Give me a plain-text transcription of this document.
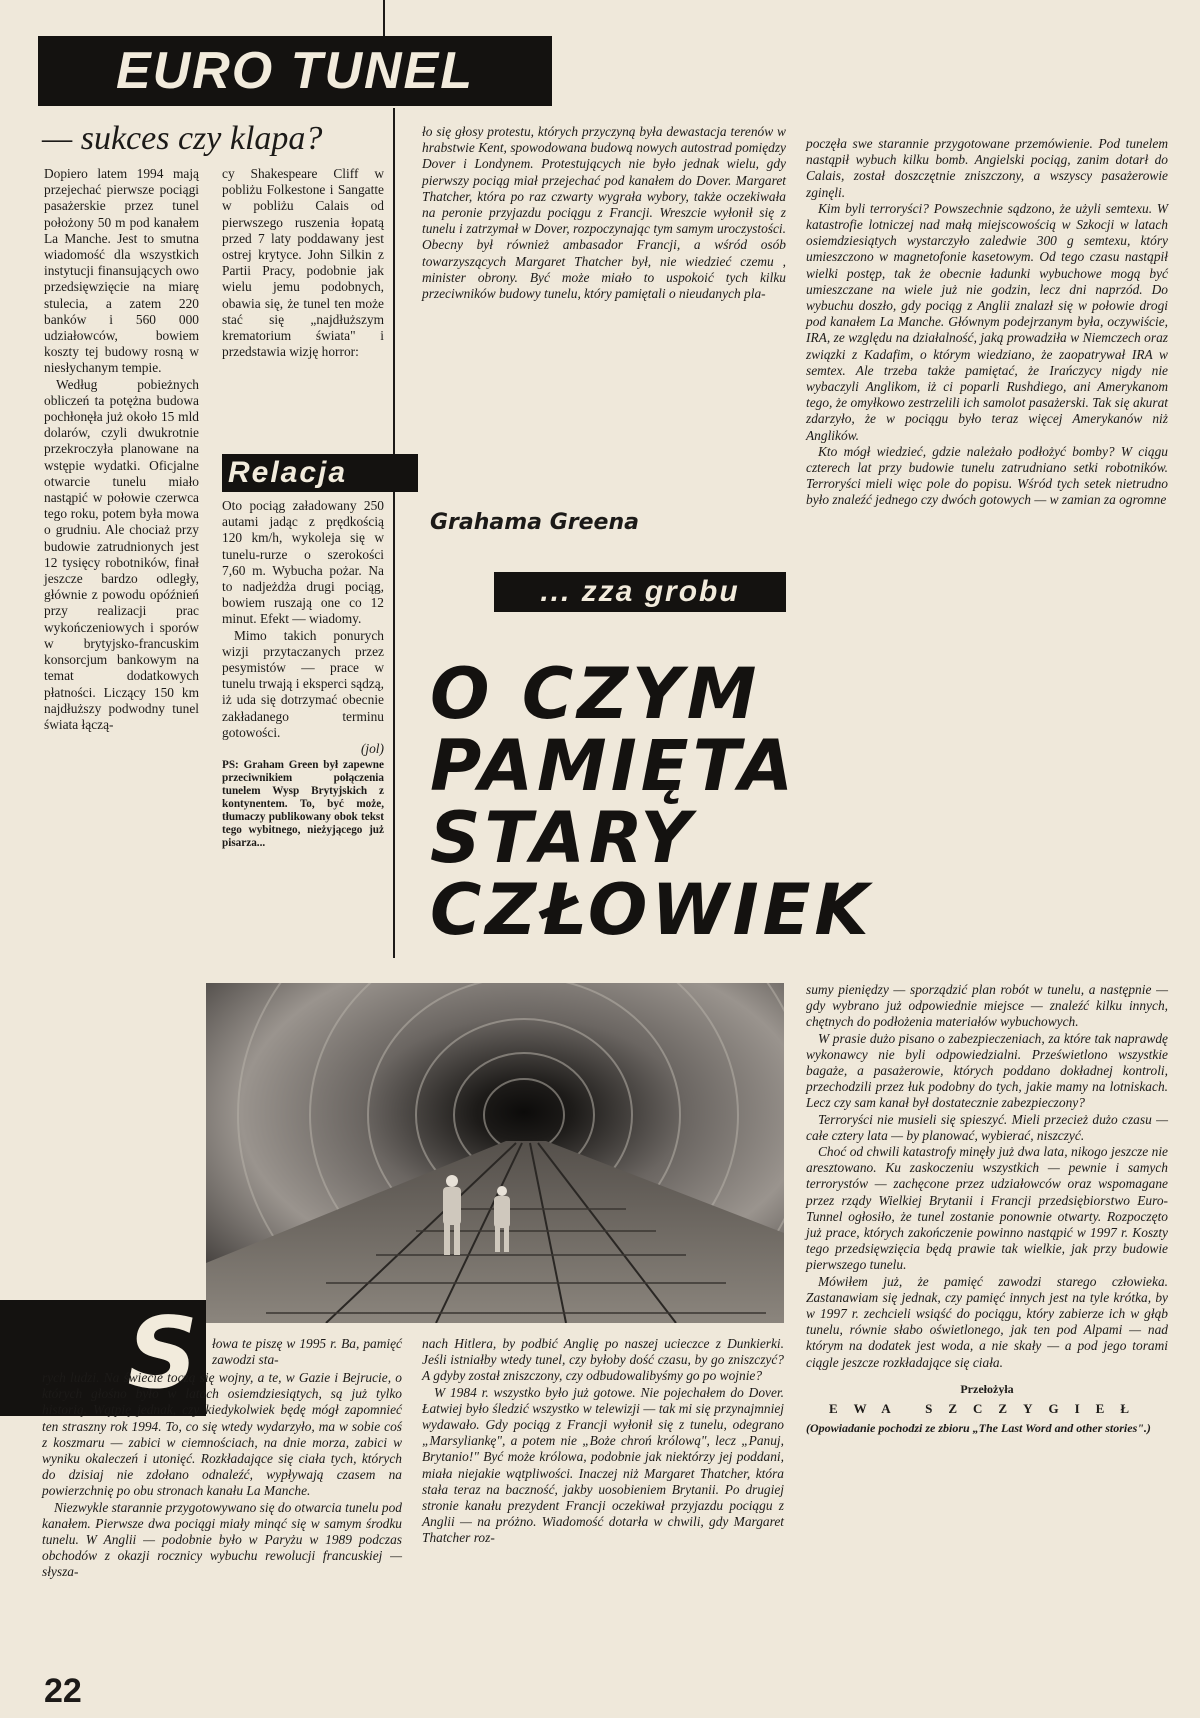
EURO TUNEL
— sukces czy klapa?

Dopiero latem 1994 mają przejechać pierwsze pociągi pasażerskie przez tunel położony 50 m pod kanałem La Manche. Jest to smutna wiadomość dla wszystkich instytucji finansujących owo przedsięwzięcie na miarę stulecia, a zatem 220 banków i 560 000 udziałowców, bowiem koszty tej budowy rosną w niesłychanym tempie.

Według pobieżnych obliczeń ta potężna budowa pochłonęła już około 15 mld dolarów, czyli dwukrotnie przekroczyła planowane na wstępie wydatki. Oficjalne otwarcie tunelu miało nastąpić w połowie czerwca tego roku, potem była mowa o grudniu. Ale chociaż przy budowie zatrudnionych jest 12 tysięcy robotników, finał jeszcze bardzo odległy, głównie z powodu opóźnień przy realizacji prac wykończeniowych i sporów w brytyjsko-francuskim konsorcjum bankowym na temat dodatkowych płatności. Liczący 150 km najdłuższy podwodny tunel świata łączą-

cy Shakespeare Cliff w pobliżu Folkestone i Sangatte w pobliżu Calais od pierwszego ruszenia łopatą przed 7 laty poddawany jest ostrej krytyce. John Silkin z Partii Pracy, podobnie jak wielu jemu podobnych, obawia się, że tunel ten może stać się „najdłuższym krematorium świata" i przedstawia wizję horror:

Relacja

Oto pociąg załadowany 250 autami jadąc z prędkością 120 km/h, wykoleja się w tunelu-rurze o szerokości 7,60 m. Wybucha pożar. Na to nadjeżdża drugi pociąg, bowiem ruszają one co 12 minut. Efekt — wiadomy.

Mimo takich ponurych wizji przytaczanych przez pesymistów — prace w tunelu trwają i eksperci sądzą, iż uda się dotrzymać obecnie zakładanego terminu gotowości.

(jol)
PS: Graham Green był zapewne przeciwnikiem połączenia tunelem Wysp Brytyjskich z kontynentem. To, być może, tłumaczy publikowany obok tekst tego wybitnego, nieżyjącego już pisarza...

ło się głosy protestu, których przyczyną była dewastacja terenów w hrabstwie Kent, spowodowana budową nowych autostrad pomiędzy Dover i Londynem. Protestujących nie było jednak wielu, gdy pierwszy pociąg miał przejechać pod kanałem do Dover. Margaret Thatcher, która po raz czwarty wygrała wybory, także oczekiwała na peronie przyjazdu pociągu z Francji. Wreszcie wyłonił się z tunelu i zatrzymał w Dover, rozpoczynając tym samym uroczystości. Obecny był również ambasador Francji, a wśród osób towarzyszących Margaret Thatcher był, nie wiedzieć czemu , minister obrony. Być może miało to uspokoić tych kilku przeciwników budowy tunelu, który pamiętali o nieudanych pla-

poczęła swe starannie przygotowane przemówienie. Pod tunelem nastąpił wybuch kilku bomb. Angielski pociąg, zanim dotarł do Calais, został doszczętnie zniszczony, a wszyscy pasażerowie zginęli.

Kim byli terroryści? Powszechnie sądzono, że użyli semtexu. W katastrofie lotniczej nad małą miejscowością w Szkocji w latach osiemdziesiątych wystarczyło zaledwie 300 g semtexu, który umieszczono w magnetofonie kasetowym. Od tego czasu nastąpił wielki postęp, tak że obecnie ładunki wybuchowe mogą być umieszczane na wiele już nie godzin, lecz dni naprzód. Do wybuchu doszło, gdy pociąg z Anglii znalazł się w połowie drogi pod kanałem La Manche. Głównym podejrzanym była, oczywiście, IRA, ze względu na działalność, jaką prowadziła w Niemczech oraz związki z Kadafim, o którym wiedziano, że zaopatrywał IRA w semtex. Ale trzeba także pamiętać, że Irańczycy nigdy nie wybaczyli Anglikom, iż ci poparli Rushdiego, ani Amerykanom tego, że omyłkowo zestrzelili ich samolot pasażerski. Tak się akurat zdarzyło, że w pociągu było teraz więcej Amerykanów niż Anglików.

Kto mógł wiedzieć, gdzie należało podłożyć bomby? W ciągu czterech lat przy budowie tunelu zatrudniano setki robotników. Terroryści mieli więc pole do popisu. Wśród tych setek nietrudno było znaleźć jednego czy dwóch gotowych — w zamian za ogromne

Grahama Greena
... zza grobu
O CZYM
PAMIĘTA
STARY
CZŁOWIEK

sumy pieniędzy — sporządzić plan robót w tunelu, a następnie — gdy wybrano już odpowiednie miejsce — znaleźć kilku innych, chętnych do podłożenia materiałów wybuchowych.

W prasie dużo pisano o zabezpieczeniach, za które tak naprawdę wykonawcy nie byli odpowiedzialni. Prześwietlono wszystkie bagaże, a pasażerowie, których poddano dokładnej kontroli, przechodzili przez łuk podobny do tych, jakie mamy na lotniskach. Lecz czy sam kanał był dostatecznie zabezpieczony?

Terroryści nie musieli się spieszyć. Mieli przecież dużo czasu — całe cztery lata — by planować, wybierać, niszczyć.

Choć od chwili katastrofy minęły już dwa lata, nikogo jeszcze nie aresztowano. Ku zaskoczeniu wszystkich — pewnie i samych terrorystów — zachęcone przez udziałowców oraz wspomagane przez rządy Wielkiej Brytanii i Francji przedsiębiorstwo Euro-Tunnel ogłosiło, że tunel zostanie ponownie otwarty. Rozpoczęto już prace, których zakończenie powinno nastąpić w 1997 r. Koszty tego przedsięwzięcia będą prawie tak wielkie, jak przy budowie pierwszego tunelu.

Mówiłem już, że pamięć zawodzi starego człowieka. Zastanawiam się jednak, czy pamięć innych jest na tyle krótka, by w 1997 r. zechcieli wsiąść do pociągu, który zabierze ich w głąb tunelu, równie słabo oświetlonego, jak ten pod Alpami — nad którym na dodatek jest woda, a nie skały — a pod jego torami ciągle jeszcze rozkładające się ciała.

Przełożyła
EWA SZCZYGIEŁ
(Opowiadanie pochodzi ze zbioru „The Last Word and other stories".)
S łowa te piszę w 1995 r. Ba, pamięć zawodzi sta-

rych ludzi. Na świecie toczą się wojny, a te, w Gazie i Bejrucie, o których głośno było w latach osiemdziesiątych, są już tylko historią. Wątpię jednak, czy kiedykolwiek będę mógł zapomnieć ten straszny rok 1994. To, co się wtedy wydarzyło, ma w sobie coś z koszmaru — zabici w ciemnościach, na dnie morza, zabici w wyniku okaleczeń i utonięć. Rozkładające się ciała tych, których do dzisiaj nie zdołano odnaleźć, wypływają czasem na powierzchnię po obu stronach kanału La Manche.

Niezwykle starannie przygotowywano się do otwarcia tunelu pod kanałem. Pierwsze dwa pociągi miały minąć się w samym środku tunelu. W Anglii — podobnie było w Paryżu w 1989 podczas obchodów z okazji rocznicy wybuchu rewolucji francuskiej — słysza-

nach Hitlera, by podbić Anglię po naszej ucieczce z Dunkierki. Jeśli istniałby wtedy tunel, czy byłoby dość czasu, by go zniszczyć? A gdyby został zniszczony, czy odbudowalibyśmy go po wojnie?

W 1984 r. wszystko było już gotowe. Nie pojechałem do Dover. Łatwiej było śledzić wszystko w telewizji — tak mi się przynajmniej wydawało. Gdy pociąg z Francji wyłonił się z tunelu, odegrano „Marsyliankę", a potem nie „Boże chroń królową", lecz „Panuj, Brytanio!" Być może królowa, podobnie jak niektórzy jej poddani, miała niejakie wątpliwości. Inaczej niż Margaret Thatcher, która stała teraz na baczność, jakby uosobieniem Brytanii. Po drugiej stronie kanału prezydent Francji oczekiwał przyjazdu pociągu z Anglii — na próżno. Wiadomość dotarła w chwili, gdy Margaret Thatcher roz-

22
